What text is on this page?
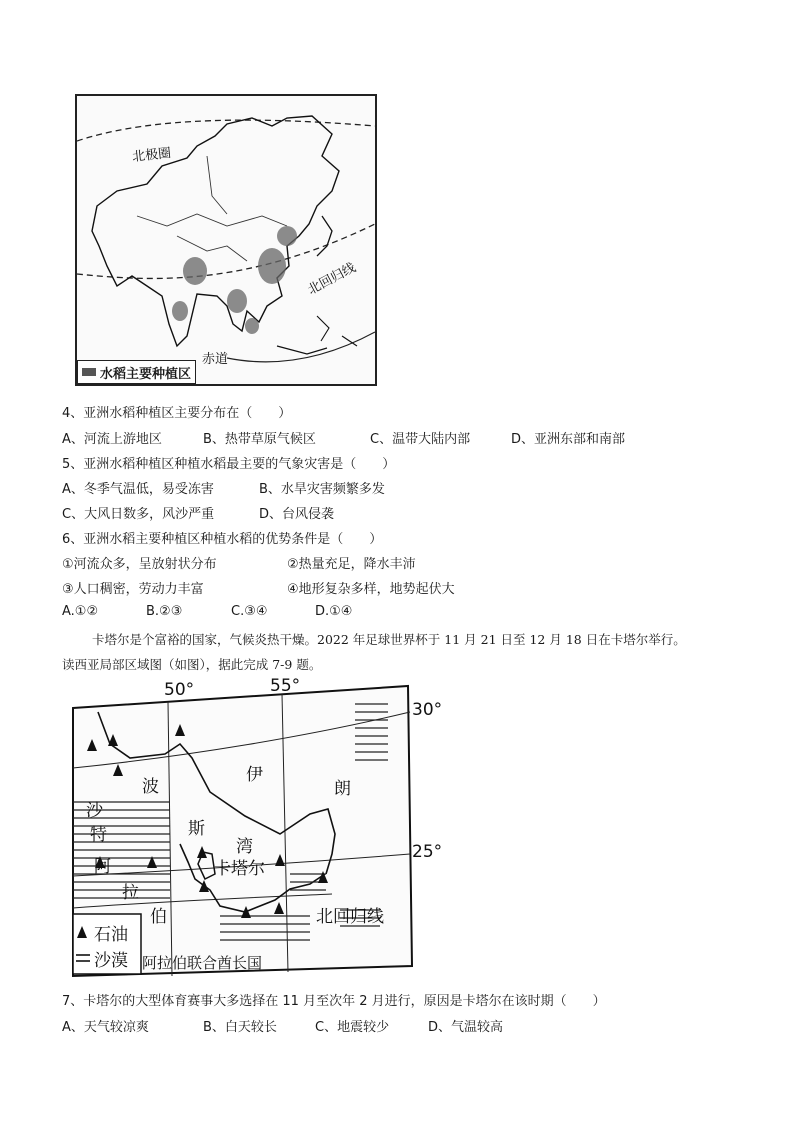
北极圈
北回归线
赤道
水稻主要种植区
4、亚洲水稻种植区主要分布在（　　）
A、河流上游地区	B、热带草原气候区	C、温带大陆内部	D、亚洲东部和南部
5、亚洲水稻种植区种植水稻最主要的气象灾害是（　　）
A、冬季气温低，易受冻害	B、水旱灾害频繁多发
C、大风日数多，风沙严重	D、台风侵袭
6、亚洲水稻主要种植区种植水稻的优势条件是（　　）
①河流众多，呈放射状分布	②热量充足，降水丰沛
③人口稠密，劳动力丰富	④地形复杂多样，地势起伏大
A.①②	B.②③	C.③④	D.①④
卡塔尔是个富裕的国家，气候炎热干燥。2022 年足球世界杯于 11 月 21 日至 12 月 18 日在卡塔尔举行。
读西亚局部区域图（如图），据此完成 7-9 题。
50°	55°
30°
25°
波
斯
湾
伊
朗
卡塔尔
沙
特
阿
拉
伯	北回归线
阿拉伯联合酋长国
石油
沙漠
7、卡塔尔的大型体育赛事大多选择在 11 月至次年 2 月进行，原因是卡塔尔在该时期（　　）
A、天气较凉爽	B、白天较长	C、地震较少	D、气温较高
